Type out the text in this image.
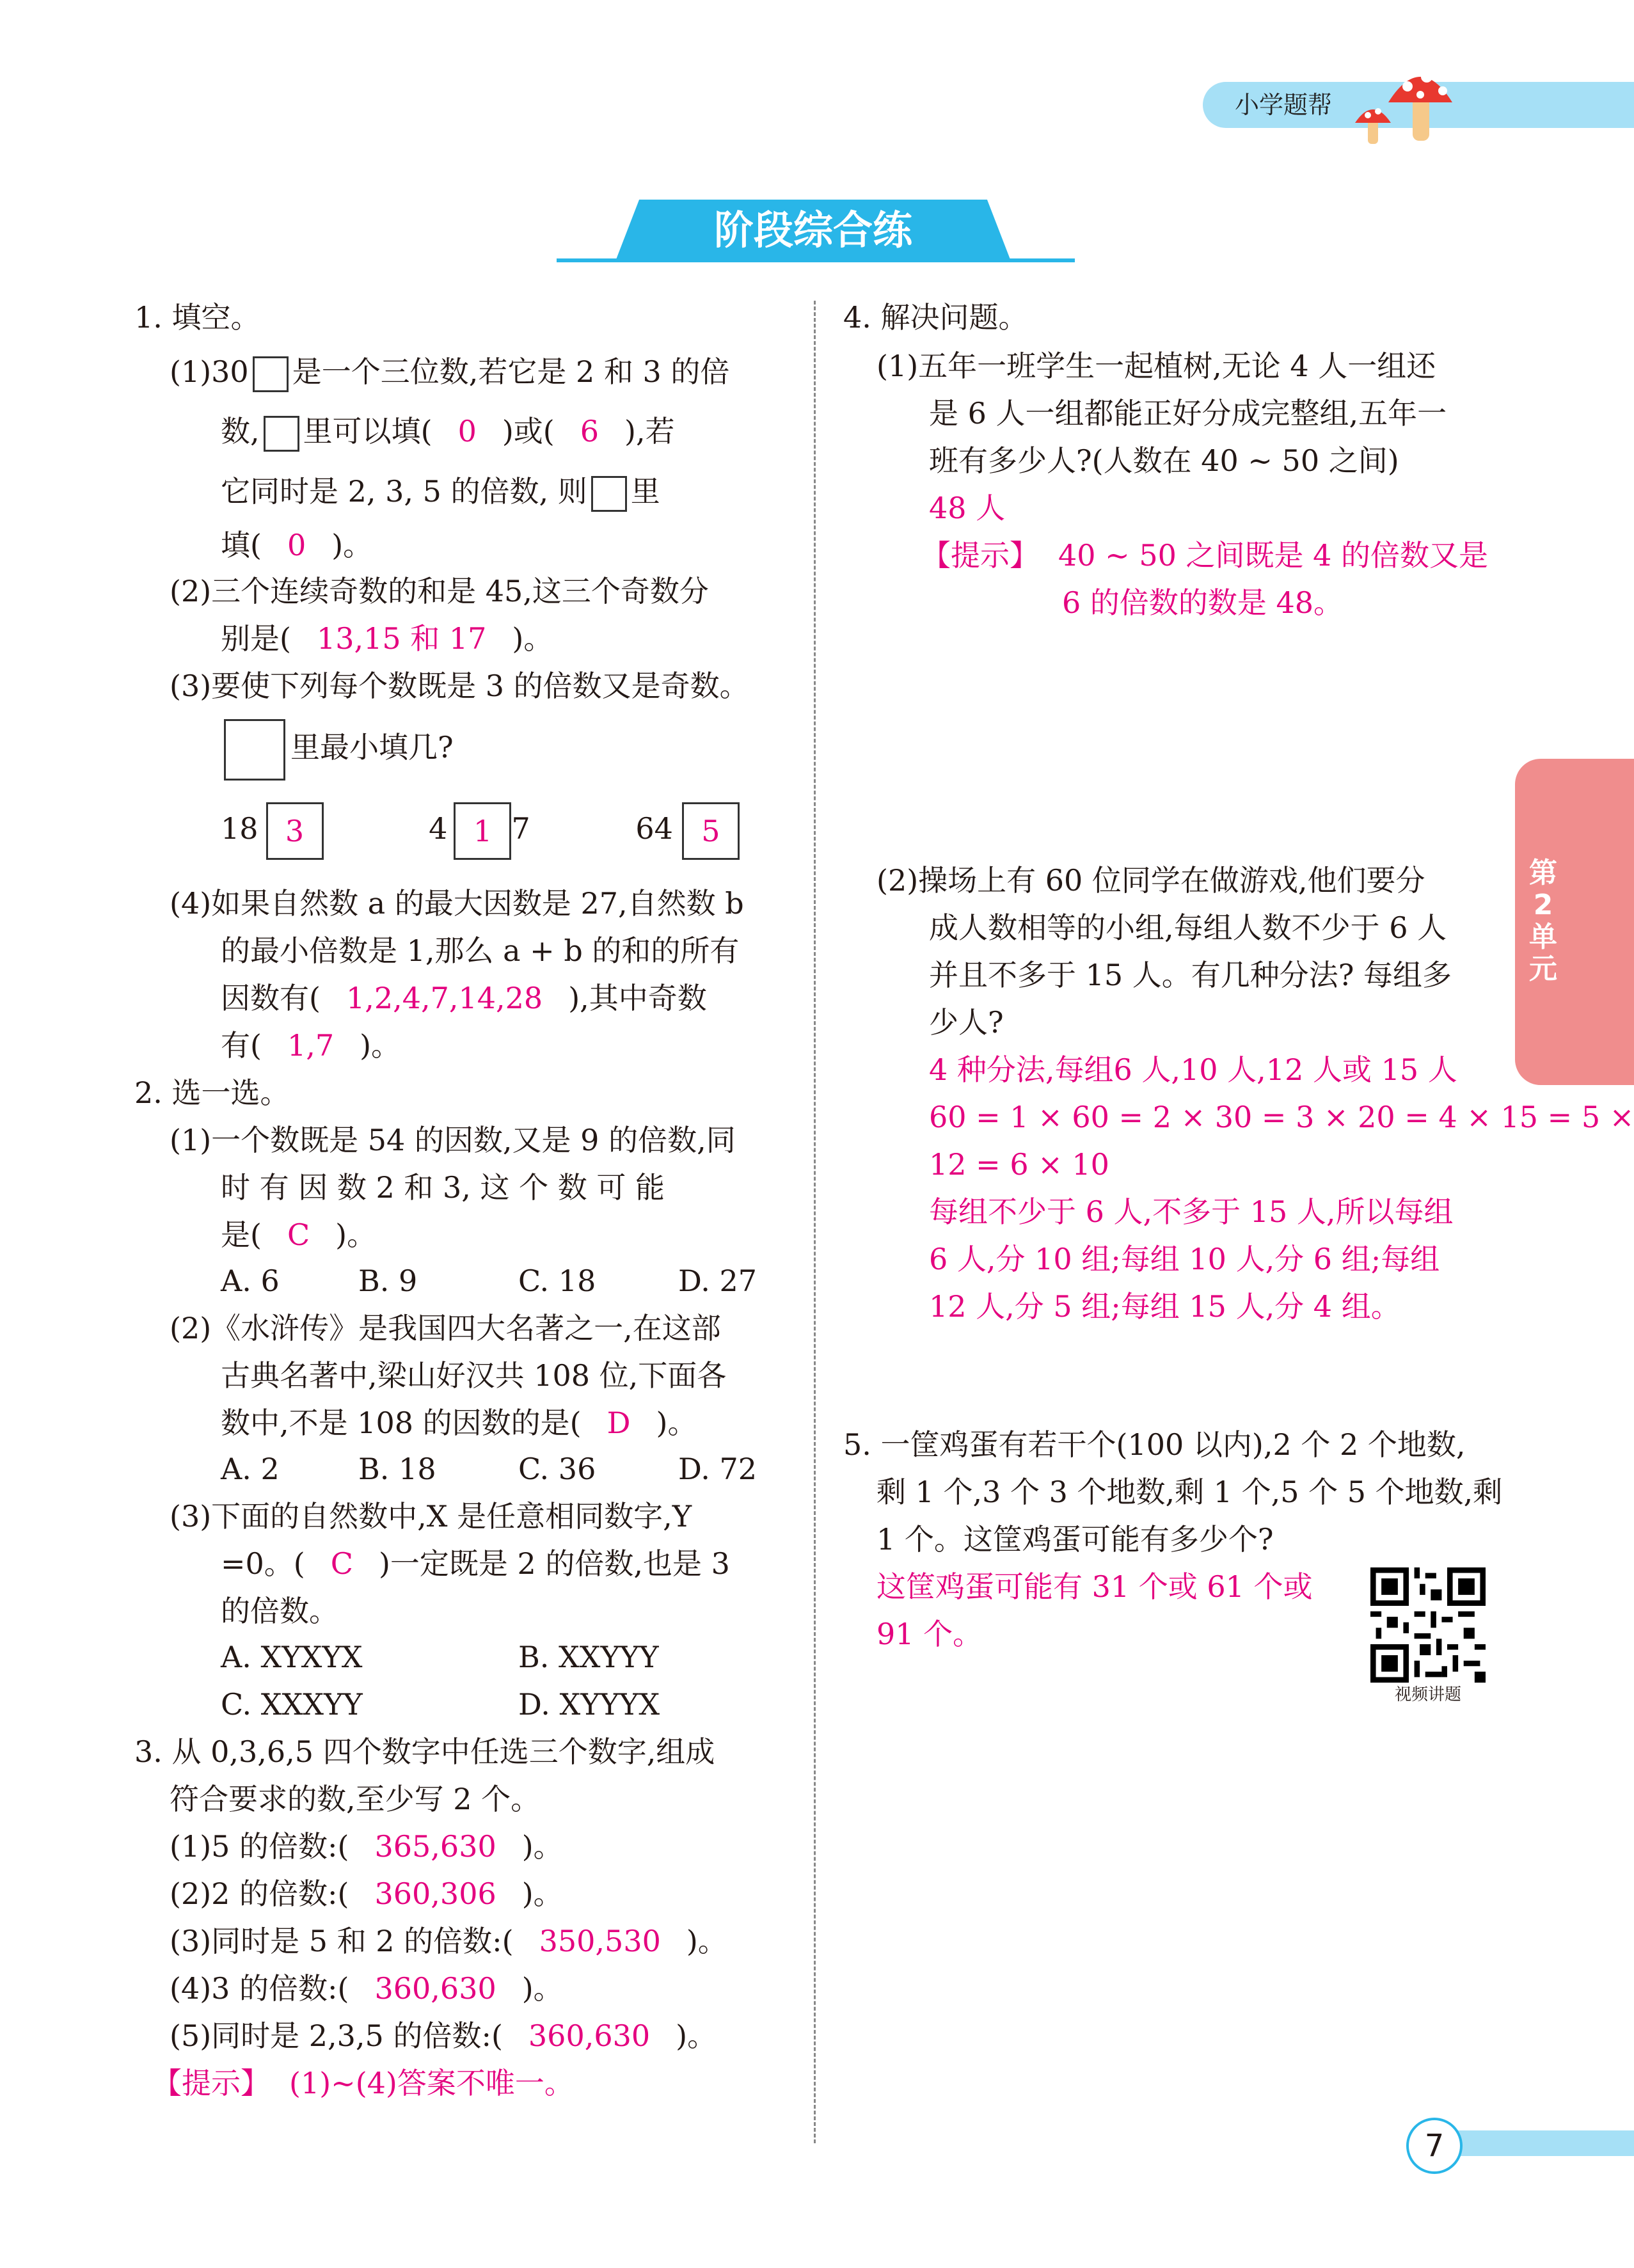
小学题帮
阶段综合练
第2单元
1. 填空。
(1)30 是一个三位数,若它是 2 和 3 的倍
数, 里可以填( 0 )或( 6 ),若
它同时是 2, 3, 5 的倍数, 则 里
填( 0 )。
(2)三个连续奇数的和是 45,这三个奇数分
别是( 13,15 和 17 )。
(3)要使下列每个数既是 3 的倍数又是奇数。
里最小填几?
18 3	4 1 7	64 5
(4)如果自然数 a 的最大因数是 27,自然数 b
的最小倍数是 1,那么 a + b 的和的所有
因数有( 1,2,4,7,14,28 ),其中奇数
有( 1,7 )。
2. 选一选。
(1)一个数既是 54 的因数,又是 9 的倍数,同
时 有 因 数 2 和 3, 这 个 数 可 能
是( C )。
A. 6	B. 9	C. 18	D. 27
(2)《水浒传》是我国四大名著之一,在这部
古典名著中,梁山好汉共 108 位,下面各
数中,不是 108 的因数的是( D )。
A. 2	B. 18	C. 36	D. 72
(3)下面的自然数中,X 是任意相同数字,Y
=0。( C )一定既是 2 的倍数,也是 3
的倍数。
A. XYXYX	B. XXYYY
C. XXXYY	D. XYYYX
3. 从 0,3,6,5 四个数字中任选三个数字,组成
符合要求的数,至少写 2 个。
(1)5 的倍数:( 365,630 )。
(2)2 的倍数:( 360,306 )。
(3)同时是 5 和 2 的倍数:( 350,530 )。
(4)3 的倍数:( 360,630 )。
(5)同时是 2,3,5 的倍数:( 360,630 )。
【提示】 (1)~(4)答案不唯一。
4. 解决问题。
(1)五年一班学生一起植树,无论 4 人一组还
是 6 人一组都能正好分成完整组,五年一
班有多少人?(人数在 40 ~ 50 之间)
48 人
【提示】 40 ~ 50 之间既是 4 的倍数又是
6 的倍数的数是 48。
(2)操场上有 60 位同学在做游戏,他们要分
成人数相等的小组,每组人数不少于 6 人
并且不多于 15 人。有几种分法? 每组多
少人?
4 种分法,每组6 人,10 人,12 人或 15 人
60 = 1 × 60 = 2 × 30 = 3 × 20 = 4 × 15 = 5 ×
12 = 6 × 10
每组不少于 6 人,不多于 15 人,所以每组
6 人,分 10 组;每组 10 人,分 6 组;每组
12 人,分 5 组;每组 15 人,分 4 组。
5. 一筐鸡蛋有若干个(100 以内),2 个 2 个地数,
剩 1 个,3 个 3 个地数,剩 1 个,5 个 5 个地数,剩
1 个。这筐鸡蛋可能有多少个?
这筐鸡蛋可能有 31 个或 61 个或
91 个。
视频讲题
7
